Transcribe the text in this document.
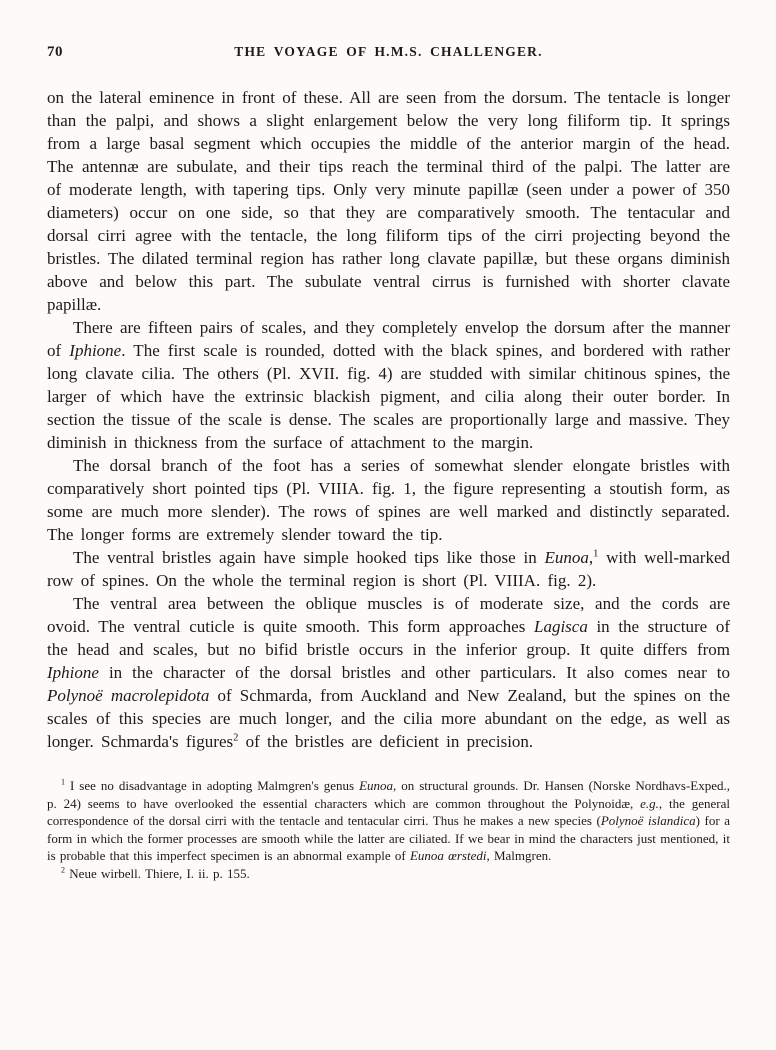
70	THE VOYAGE OF H.M.S. CHALLENGER.

on the lateral eminence in front of these. All are seen from the dorsum. The tentacle is longer than the palpi, and shows a slight enlargement below the very long filiform tip. It springs from a large basal segment which occupies the middle of the anterior margin of the head. The antennæ are subulate, and their tips reach the terminal third of the palpi. The latter are of moderate length, with tapering tips. Only very minute papillæ (seen under a power of 350 diameters) occur on one side, so that they are comparatively smooth. The tentacular and dorsal cirri agree with the tentacle, the long filiform tips of the cirri projecting beyond the bristles. The dilated terminal region has rather long clavate papillæ, but these organs diminish above and below this part. The subulate ventral cirrus is furnished with shorter clavate papillæ.

There are fifteen pairs of scales, and they completely envelop the dorsum after the manner of Iphione. The first scale is rounded, dotted with the black spines, and bordered with rather long clavate cilia. The others (Pl. XVII. fig. 4) are studded with similar chitinous spines, the larger of which have the extrinsic blackish pigment, and cilia along their outer border. In section the tissue of the scale is dense. The scales are proportionally large and massive. They diminish in thickness from the surface of attachment to the margin.

The dorsal branch of the foot has a series of somewhat slender elongate bristles with comparatively short pointed tips (Pl. VIIIA. fig. 1, the figure representing a stoutish form, as some are much more slender). The rows of spines are well marked and distinctly separated. The longer forms are extremely slender toward the tip.

The ventral bristles again have simple hooked tips like those in Eunoa,$^1$ with well-marked row of spines. On the whole the terminal region is short (Pl. VIIIA. fig. 2).

The ventral area between the oblique muscles is of moderate size, and the cords are ovoid. The ventral cuticle is quite smooth. This form approaches Lagisca in the structure of the head and scales, but no bifid bristle occurs in the inferior group. It quite differs from Iphione in the character of the dorsal bristles and other particulars. It also comes near to Polynoë macrolepidota of Schmarda, from Auckland and New Zealand, but the spines on the scales of this species are much longer, and the cilia more abundant on the edge, as well as longer. Schmarda's figures$^2$ of the bristles are deficient in precision.

$^1$ I see no disadvantage in adopting Malmgren's genus Eunoa, on structural grounds. Dr. Hansen (Norske Nordhavs-Exped., p. 24) seems to have overlooked the essential characters which are common throughout the Polynoidæ, e.g., the general correspondence of the dorsal cirri with the tentacle and tentacular cirri. Thus he makes a new species (Polynoë islandica) for a form in which the former processes are smooth while the latter are ciliated. If we bear in mind the characters just mentioned, it is probable that this imperfect specimen is an abnormal example of Eunoa œrstedi, Malmgren.

$^2$ Neue wirbell. Thiere, I. ii. p. 155.
